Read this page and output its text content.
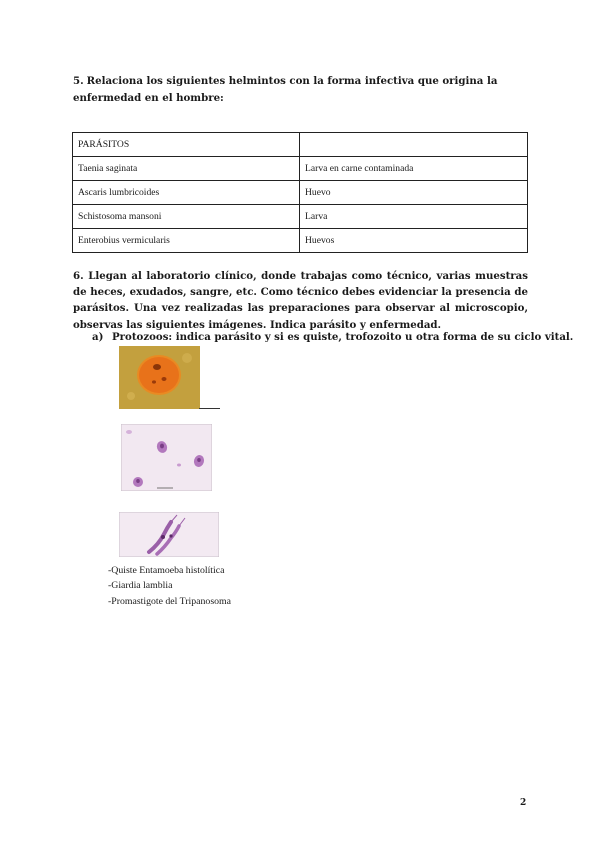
5. Relaciona los siguientes helmintos con la forma infectiva que origina la enfermedad en el hombre:
PARÁSITOS	
Taenia saginata	Larva en carne contaminada
Ascaris lumbricoides	Huevo
Schistosoma mansoni	Larva
Enterobius vermicularis	Huevos
6. Llegan al laboratorio clínico, donde trabajas como técnico, varias muestras de heces, exudados, sangre, etc. Como técnico debes evidenciar la presencia de parásitos. Una vez realizadas las preparaciones para observar al microscopio, observas las siguientes imágenes. Indica parásito y enfermedad.
a) Protozoos: indica parásito y si es quiste, trofozoito u otra forma de su ciclo vital.
-Quiste Entamoeba histolítica
-Giardia lamblia
-Promastigote del Tripanosoma
2
